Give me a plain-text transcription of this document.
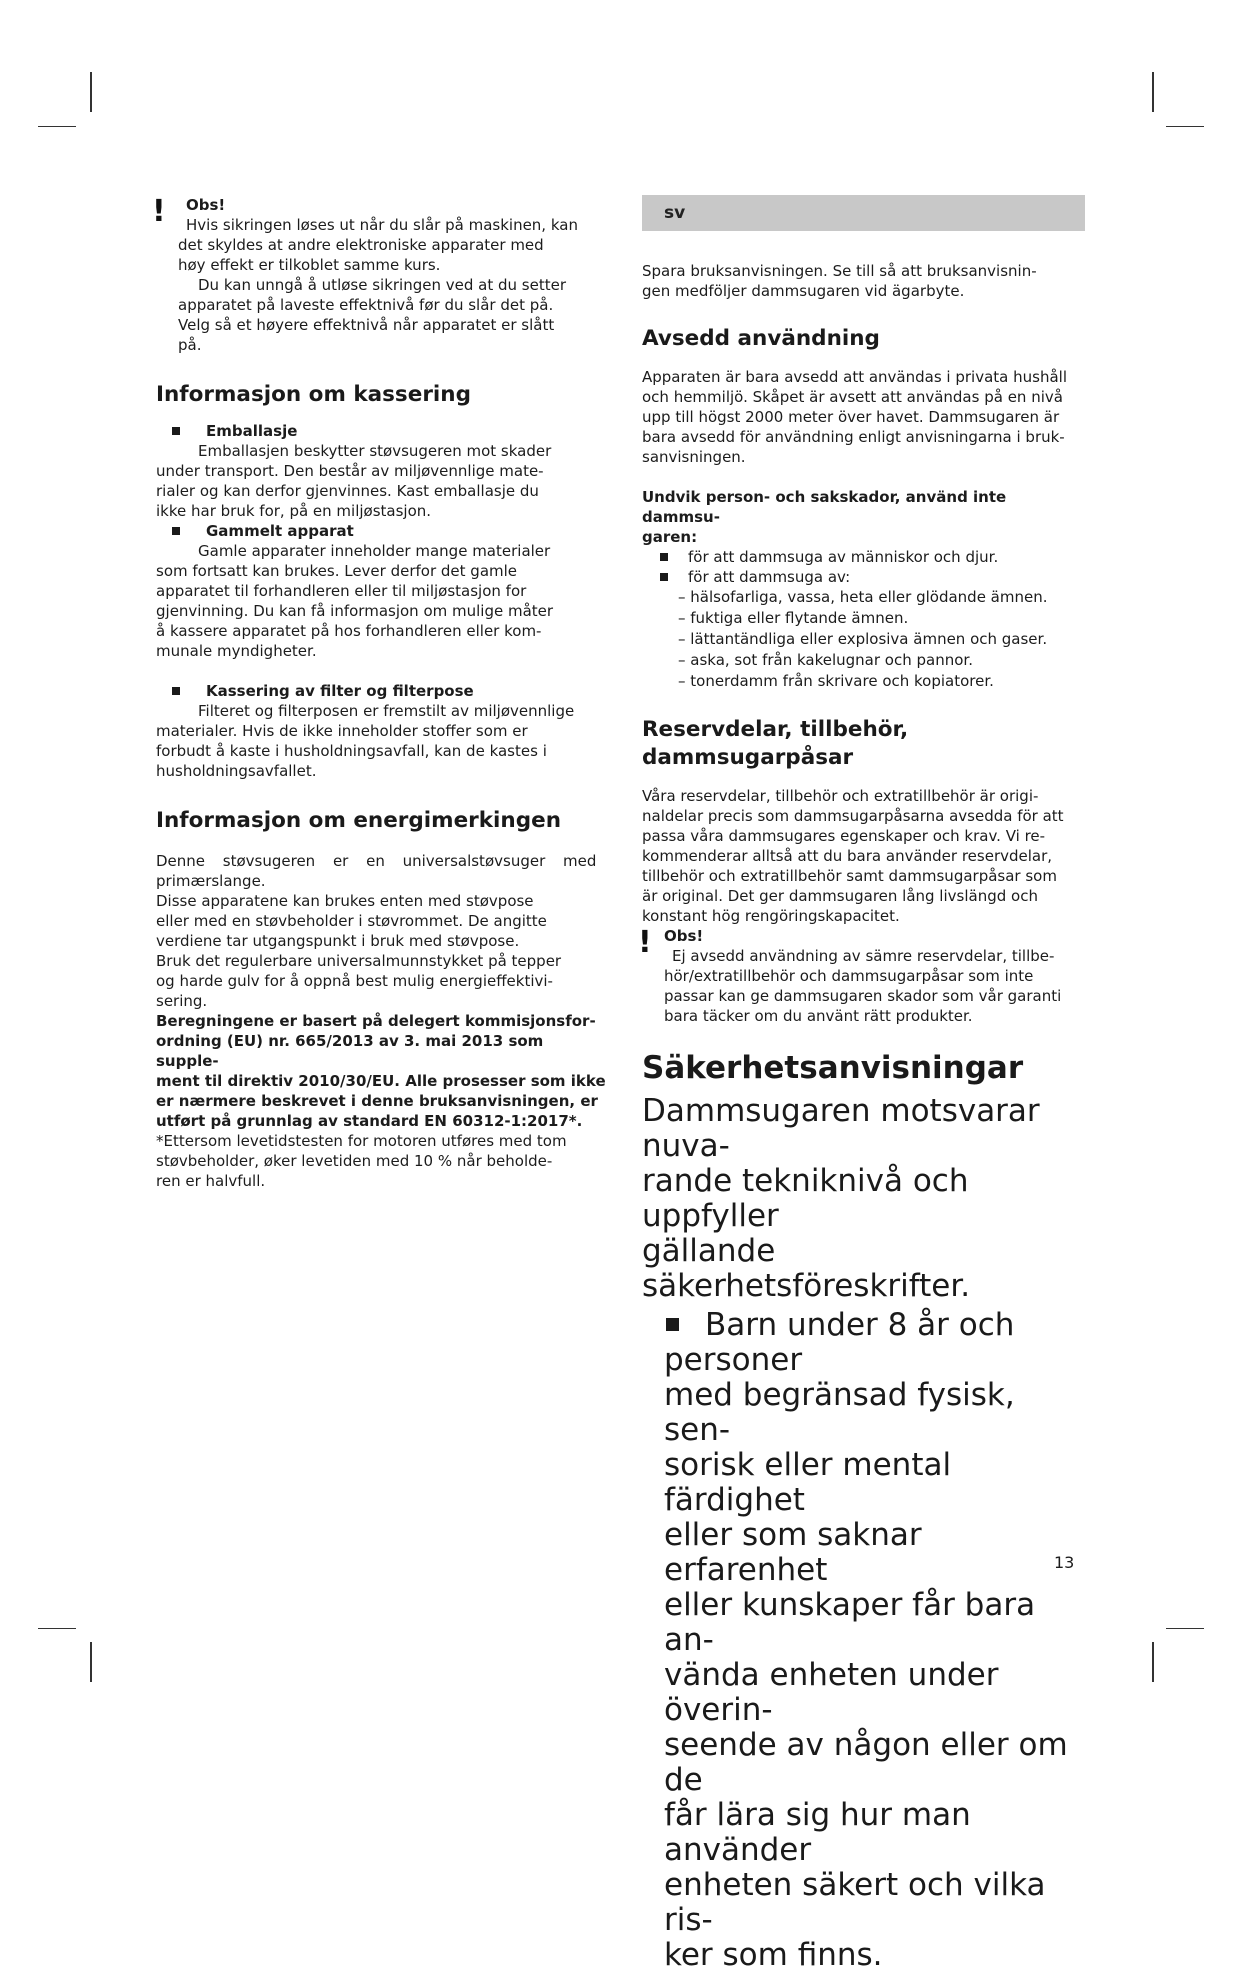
!	Obs!

Hvis sikringen løses ut når du slår på maskinen, kan

det skyldes at andre elektroniske apparater med

høy effekt er tilkoblet samme kurs.

Du kan unngå å utløse sikringen ved at du setter

apparatet på laveste effektnivå før du slår det på.

Velg så et høyere effektnivå når apparatet er slått

på.

Informasjon om kassering

Emballasje

Emballasjen beskytter støvsugeren mot skader

under transport. Den består av miljøvennlige mate-

rialer og kan derfor gjenvinnes. Kast emballasje du

ikke har bruk for, på en miljøstasjon.

Gammelt apparat

Gamle apparater inneholder mange materialer

som fortsatt kan brukes. Lever derfor det gamle

apparatet til forhandleren eller til miljøstasjon for

gjenvinning. Du kan få informasjon om mulige måter

å kassere apparatet på hos forhandleren eller kom-

munale myndigheter.

Kassering av filter og filterpose

Filteret og filterposen er fremstilt av miljøvennlige

materialer. Hvis de ikke inneholder stoffer som er

forbudt å kaste i husholdningsavfall, kan de kastes i

husholdningsavfallet.

Informasjon om energimerkingen

Denne støvsugeren er en universalstøvsuger med

primærslange.

Disse apparatene kan brukes enten med støvpose

eller med en støvbeholder i støvrommet. De angitte

verdiene tar utgangspunkt i bruk med støvpose.

Bruk det regulerbare universalmunnstykket på tepper

og harde gulv for å oppnå best mulig energieffektivi-

sering.

Beregningene er basert på delegert kommisjonsfor-

ordning (EU) nr. 665/2013 av 3. mai 2013 som supple-

ment til direktiv 2010/30/EU. Alle prosesser som ikke

er nærmere beskrevet i denne bruksanvisningen, er

utført på grunnlag av standard EN 60312-1:2017*.

*Ettersom levetidstesten for motoren utføres med tom

støvbeholder, øker levetiden med 10 % når beholde-

ren er halvfull.

sv

Spara bruksanvisningen. Se till så att bruksanvisnin-

gen medföljer dammsugaren vid ägarbyte.

Avsedd användning

Apparaten är bara avsedd att användas i privata hushåll

och hemmiljö. Skåpet är avsett att användas på en nivå

upp till högst 2000 meter över havet. Dammsugaren är

bara avsedd för användning enligt anvisningarna i bruk-

sanvisningen.

Undvik person- och sakskador, använd inte dammsu-

garen:

för att dammsuga av människor och djur.

för att dammsuga av:

– hälsofarliga, vassa, heta eller glödande ämnen.

– fuktiga eller flytande ämnen.

– lättantändliga eller explosiva ämnen och gaser.

– aska, sot från kakelugnar och pannor.

– tonerdamm från skrivare och kopiatorer.

Reservdelar, tillbehör, dammsugarpåsar

Våra reservdelar, tillbehör och extratillbehör är origi-

naldelar precis som dammsugarpåsarna avsedda för att

passa våra dammsugares egenskaper och krav. Vi re-

kommenderar alltså att du bara använder reservdelar,

tillbehör och extratillbehör samt dammsugarpåsar som

är original. Det ger dammsugaren lång livslängd och

konstant hög rengöringskapacitet.

! Obs!

Ej avsedd användning av sämre reservdelar, tillbe-

hör/extratillbehör och dammsugarpåsar som inte

passar kan ge dammsugaren skador som vår garanti

bara täcker om du använt rätt produkter.

Säkerhetsanvisningar

Dammsugaren motsvarar nuva-

rande tekniknivå och uppfyller

gällande säkerhetsföreskrifter.

Barn under 8 år och personer

med begränsad fysisk, sen-

sorisk eller mental färdighet

eller som saknar erfarenhet

eller kunskaper får bara an-

vända enheten under överin-

seende av någon eller om de

får lära sig hur man använder

enheten säkert och vilka ris-

ker som finns.

13
